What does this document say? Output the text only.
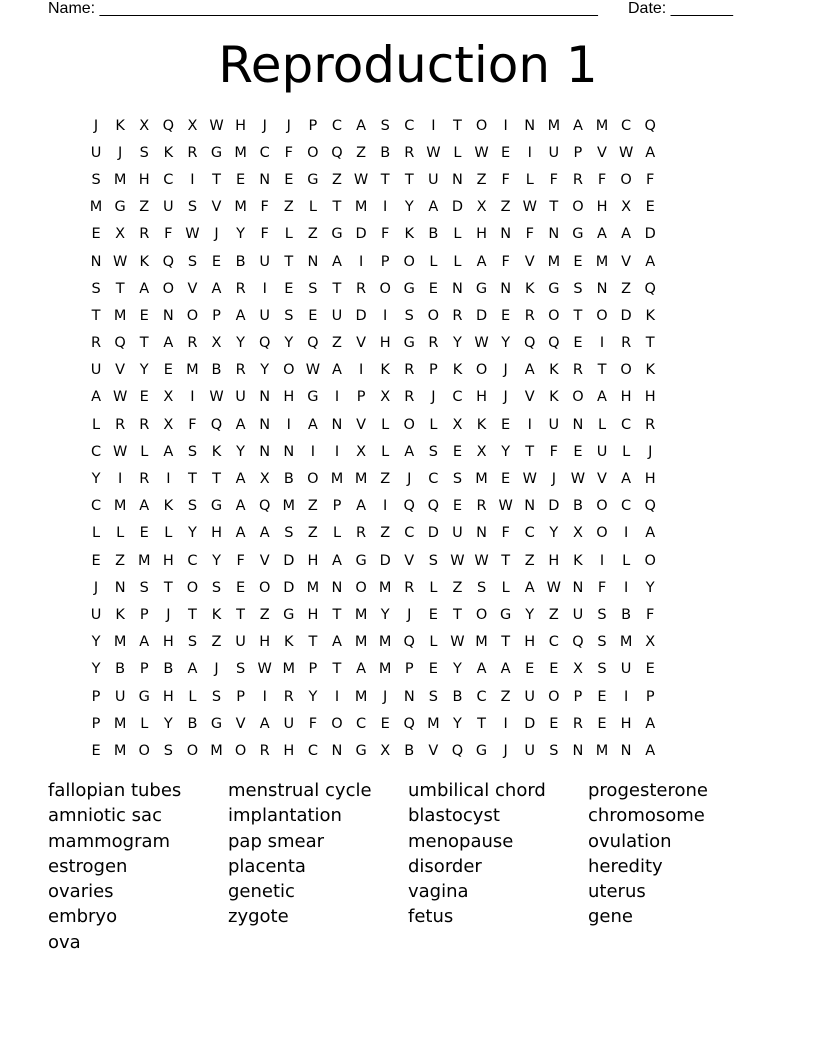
Name: ________________________________________________________

Date: _______

Reproduction 1
J	K X Q X W H	J	J	P	C A	S C	I	T O	I	N M A M C Q
U	J	S	K R G M C	F O Q Z B R W L W E	I	U P	V W A
S M H C	I	T	E N E G Z W T	T U N Z	F	L	F	R	F O F
M G Z U S	V M F	Z	L	T M	I	Y	A D X Z W T O H X	E
E	X R	F W	J	Y	F	L	Z G D F	K B	L	H N	F N G A A D
N W K Q S	E	B U T N A	I	P O L	L	A	F	V M E M V A
S	T	A O V A R	I	E	S	T	R O G E N G N K G S N Z Q
T M E N O P	A U S	E U D	I	S O R D E R O T O D K
R Q T	A R X	Y Q Y Q Z V H G R	Y W Y Q Q E	I	R	T
U V	Y	E M B R	Y O W A	I	K R	P	K O	J	A K R	T O K
A W E	X	I	W U N H G	I	P	X R	J	C H	J	V K O A H H
L	R R X	F Q A N	I	A N V	L O L	X K	E	I	U N	L	C R
C W L	A	S	K	Y N N	I	I	X	L	A	S	E	X	Y	T	F	E U	L	J
Y	I	R	I	T	T	A X B O M M Z	J	C S M E W	J	W V A H
C M A K	S G A Q M Z	P	A	I	Q Q E R W N D B O C Q
L	L	E	L	Y H A A	S	Z	L	R Z C D U N	F	C	Y	X O	I	A
E	Z M H C	Y	F	V D H A G D V	S W W T	Z H K	I	L O
J	N S	T O S	E O D M N O M R	L	Z	S	L	A W N	F	I	Y
U K	P	J	T	K	T	Z G H T M Y	J	E	T O G Y	Z U S	B	F
Y M A H S	Z U H K	T	A M M Q L W M T H C Q S M X
Y	B	P	B A	J	S W M P	T	A M P	E	Y	A A	E	E	X	S U E
P U G H	L	S	P	I	R	Y	I	M	J	N S	B C Z U O P	E	I	P
P M L	Y	B G V A U	F O C E Q M Y	T	I	D E R E H A
E M O S O M O R H C N G X B V Q G	J	U S N M N A
fallopian tubes	menstrual cycle	umbilical chord	progesterone
amniotic sac	implantation	blastocyst	chromosome
mammogram	pap smear	menopause	ovulation
estrogen	placenta	disorder	heredity
ovaries	genetic	vagina	uterus
embryo	zygote	fetus	gene
ova
